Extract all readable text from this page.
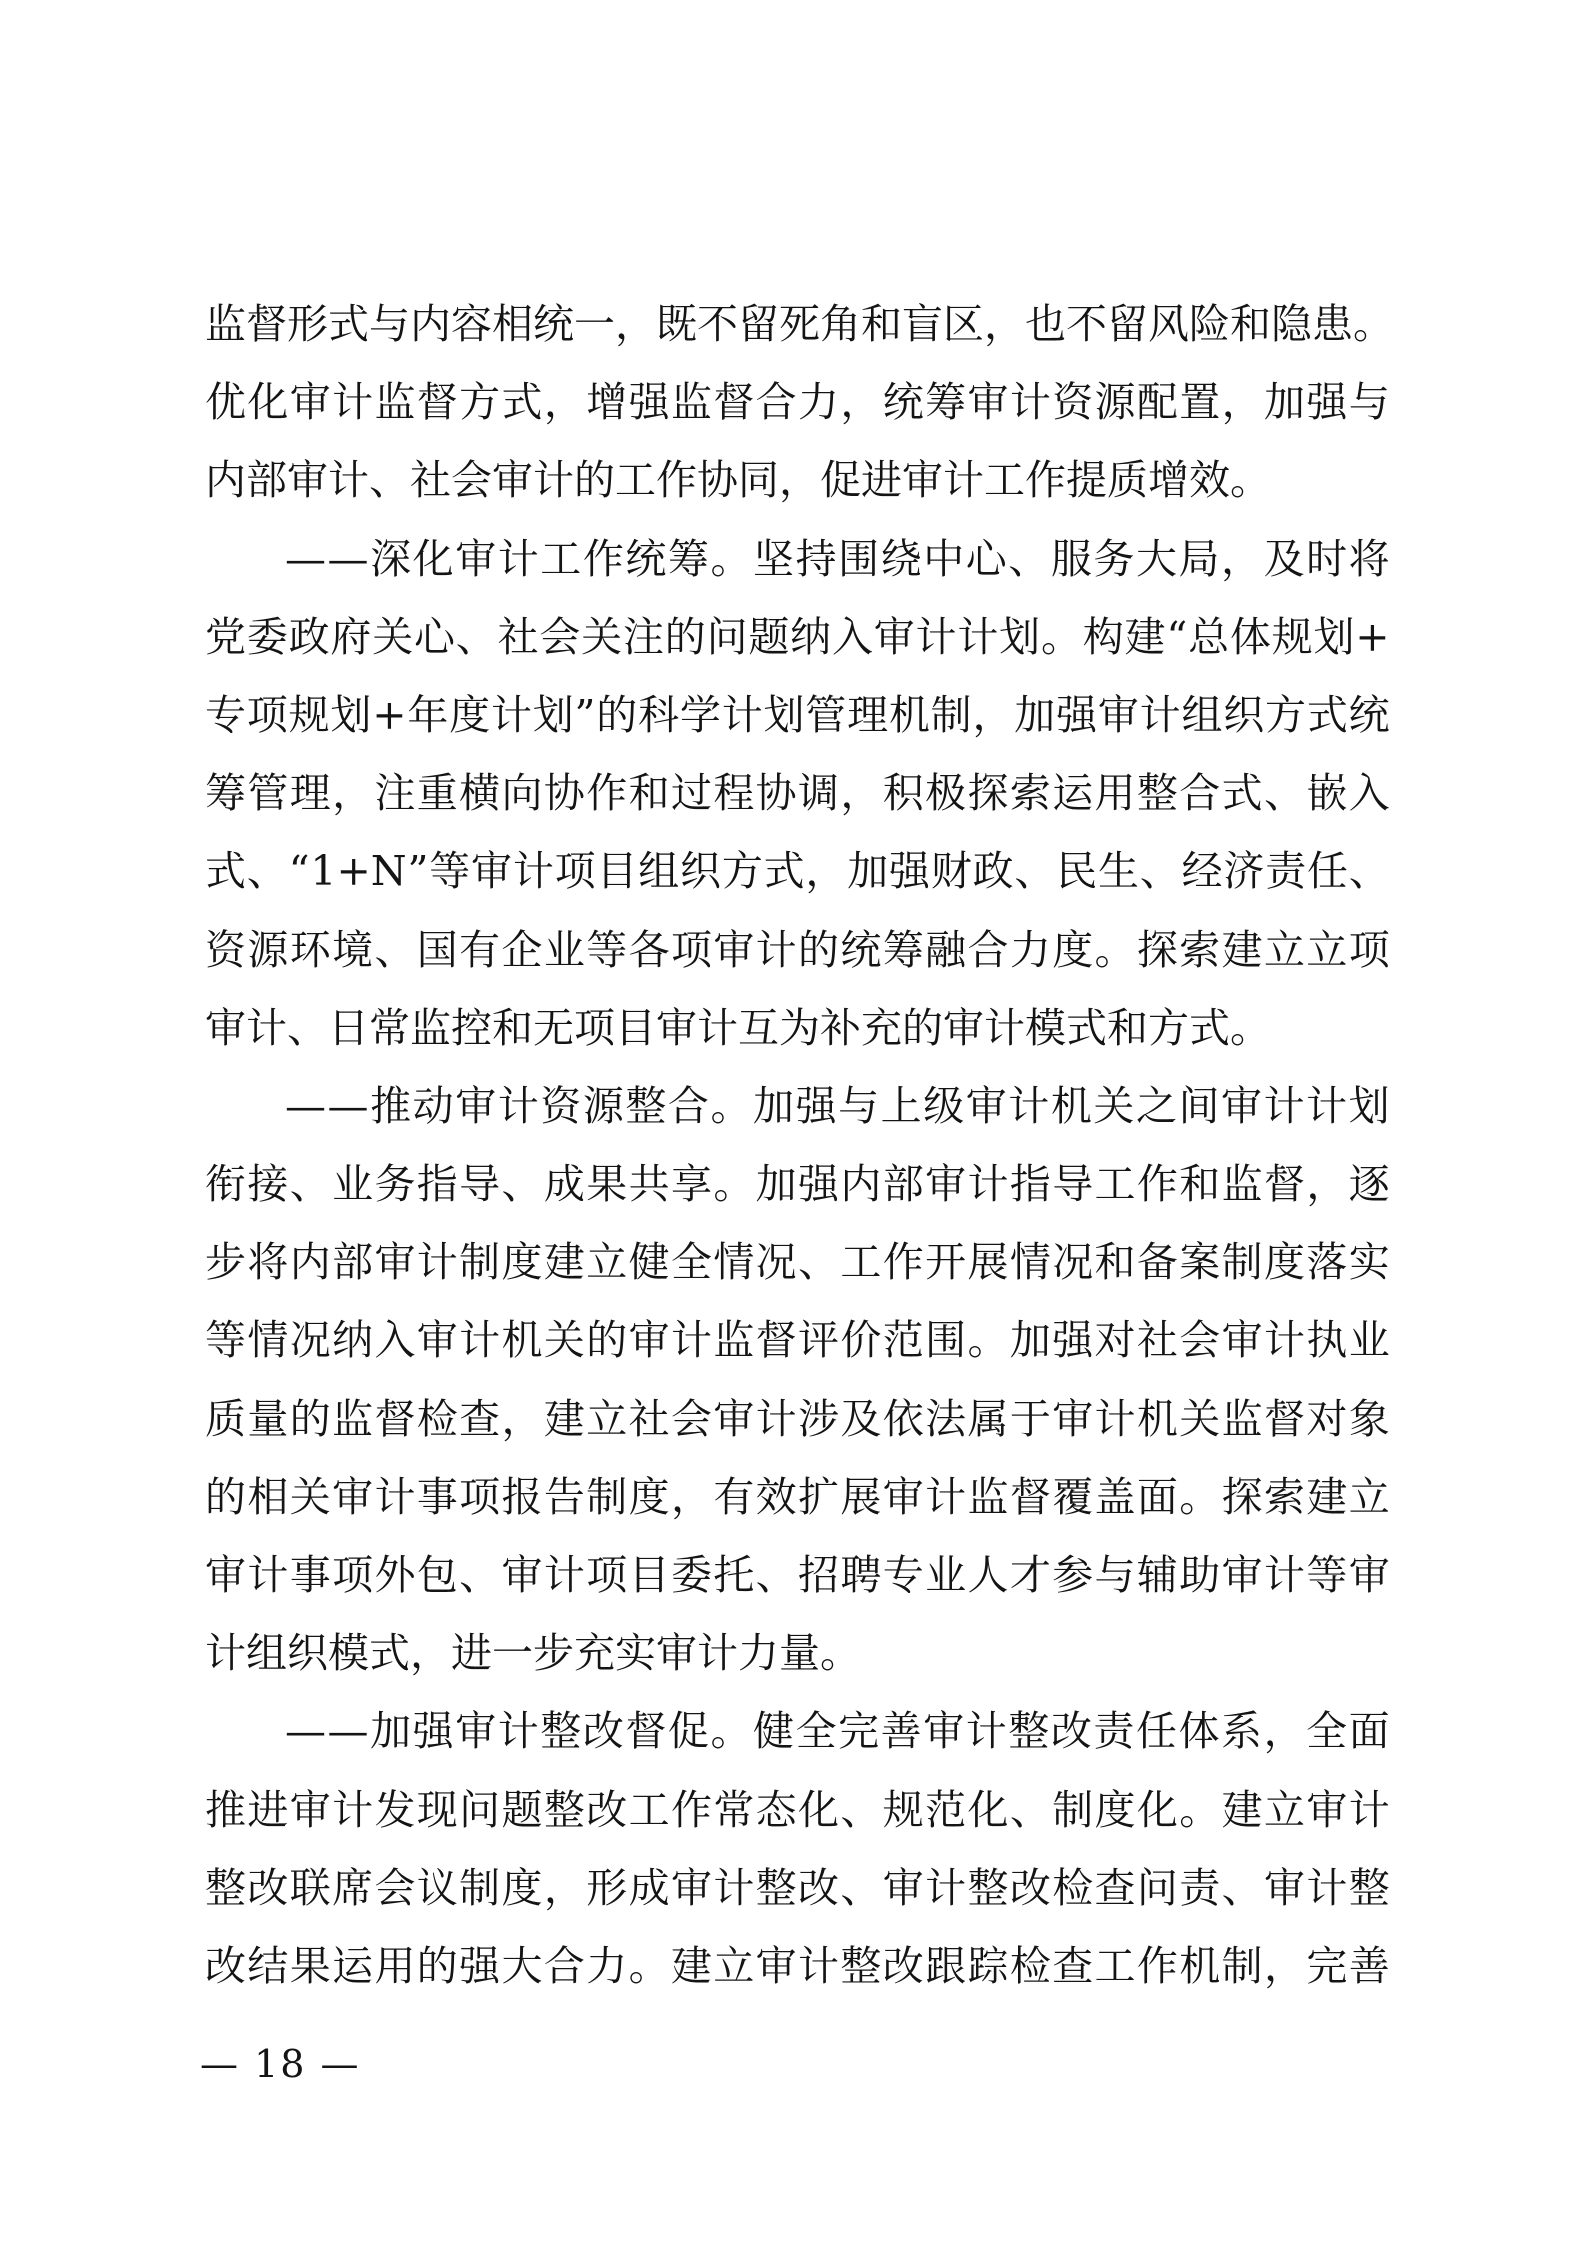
监 督 形 式 与 内 容 相 统 一 ， 既 不 留 死 角 和 盲 区 ， 也 不 留 风 险 和 隐 患 。
优 化 审 计 监 督 方 式 ， 增 强 监 督 合 力 ， 统 筹 审 计 资 源 配 置 ， 加 强 与
内部审计、社会审计的工作协同，促进审计工作提质增效。
— — 深 化 审 计 工 作 统 筹 。 坚 持 围 绕 中 心 、 服 务 大 局 ， 及 时 将
党 委 政 府 关 心 、 社 会 关 注 的 问 题 纳 入 审 计 计 划 。 构 建 “ 总 体 规 划 +
专 项 规 划 + 年 度 计 划 ” 的 科 学 计 划 管 理 机 制 ， 加 强 审 计 组 织 方 式 统
筹 管 理 ， 注 重 横 向 协 作 和 过 程 协 调 ， 积 极 探 索 运 用 整 合 式 、 嵌 入
式 、 “ 1+N ” 等 审 计 项 目 组 织 方 式 ， 加 强 财 政 、 民 生 、 经 济 责 任 、
资 源 环 境 、 国 有 企 业 等 各 项 审 计 的 统 筹 融 合 力 度 。 探 索 建 立 立 项
审计、日常监控和无项目审计互为补充的审计模式和方式。
— — 推 动 审 计 资 源 整 合 。 加 强 与 上 级 审 计 机 关 之 间 审 计 计 划
衔 接 、 业 务 指 导 、 成 果 共 享 。 加 强 内 部 审 计 指 导 工 作 和 监 督 ， 逐
步 将 内 部 审 计 制 度 建 立 健 全 情 况 、 工 作 开 展 情 况 和 备 案 制 度 落 实
等 情 况 纳 入 审 计 机 关 的 审 计 监 督 评 价 范 围 。 加 强 对 社 会 审 计 执 业
质 量 的 监 督 检 查 ， 建 立 社 会 审 计 涉 及 依 法 属 于 审 计 机 关 监 督 对 象
的 相 关 审 计 事 项 报 告 制 度 ， 有 效 扩 展 审 计 监 督 覆 盖 面 。 探 索 建 立
审 计 事 项 外 包 、 审 计 项 目 委 托 、 招 聘 专 业 人 才 参 与 辅 助 审 计 等 审
计组织模式，进一步充实审计力量。
— — 加 强 审 计 整 改 督 促 。 健 全 完 善 审 计 整 改 责 任 体 系 ， 全 面
推 进 审 计 发 现 问 题 整 改 工 作 常 态 化 、 规 范 化 、 制 度 化 。 建 立 审 计
整 改 联 席 会 议 制 度 ， 形 成 审 计 整 改 、 审 计 整 改 检 查 问 责 、 审 计 整
改 结 果 运 用 的 强 大 合 力 。 建 立 审 计 整 改 跟 踪 检 查 工 作 机 制 ， 完 善
— 18 —
